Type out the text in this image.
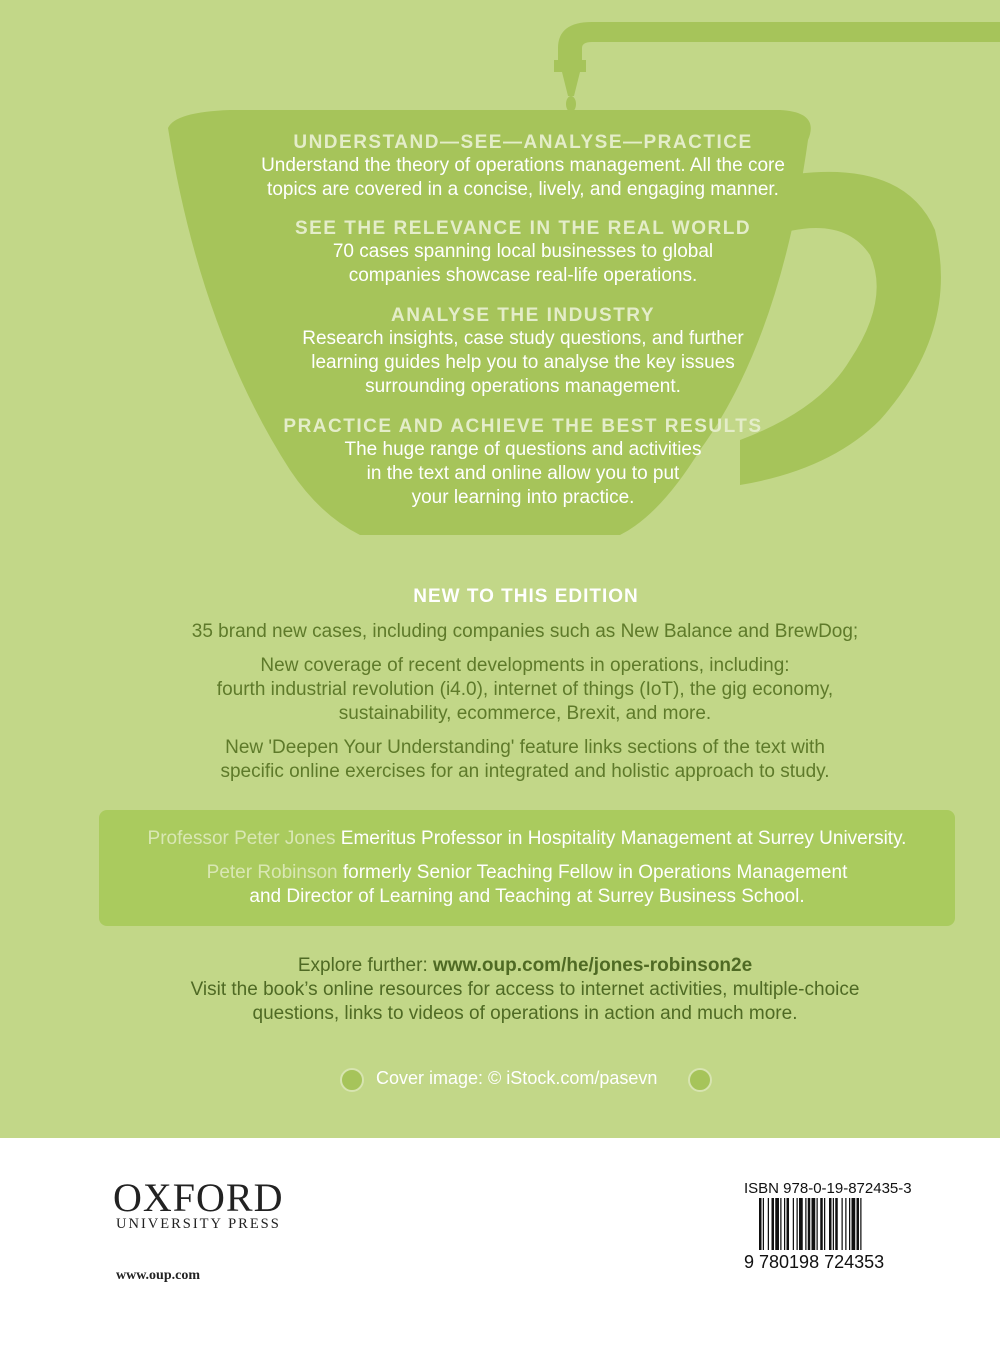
UNDERSTAND—SEE—ANALYSE—PRACTICE
Understand the theory of operations management. All the core
topics are covered in a concise, lively, and engaging manner.
SEE THE RELEVANCE IN THE REAL WORLD
70 cases spanning local businesses to global
companies showcase real-life operations.
ANALYSE THE INDUSTRY
Research insights, case study questions, and further
learning guides help you to analyse the key issues
surrounding operations management.
PRACTICE AND ACHIEVE THE BEST RESULTS
The huge range of questions and activities
in the text and online allow you to put
your learning into practice.
NEW TO THIS EDITION
35 brand new cases, including companies such as New Balance and BrewDog;
New coverage of recent developments in operations, including:
fourth industrial revolution (i4.0), internet of things (IoT), the gig economy,
sustainability, ecommerce, Brexit, and more.
New 'Deepen Your Understanding' feature links sections of the text with
specific online exercises for an integrated and holistic approach to study.
Professor Peter Jones Emeritus Professor in Hospitality Management at Surrey University.
Peter Robinson formerly Senior Teaching Fellow in Operations Management
and Director of Learning and Teaching at Surrey Business School.
Explore further: www.oup.com/he/jones-robinson2e
Visit the book’s online resources for access to internet activities, multiple-choice
questions, links to videos of operations in action and much more.
Cover image: © iStock.com/pasevn
OXFORD
UNIVERSITY PRESS
www.oup.com
ISBN 978-0-19-872435-3
9 780198 724353
